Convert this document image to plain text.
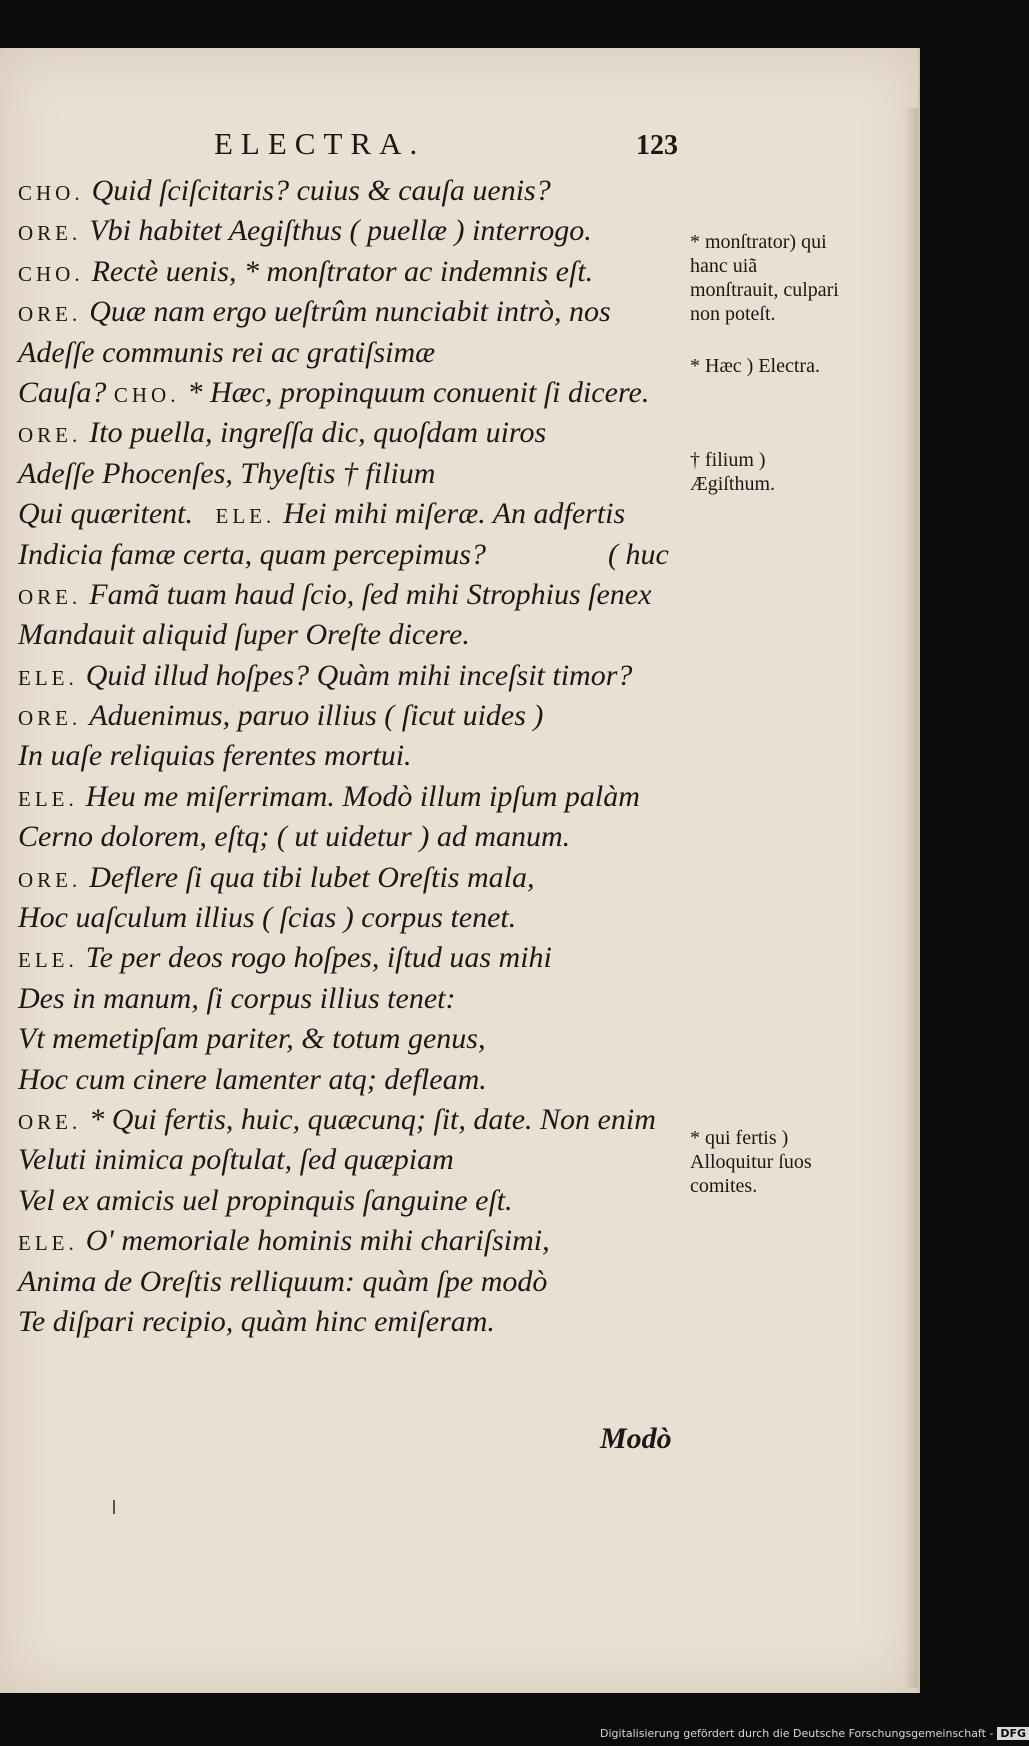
ELECTRA.	123
CHO. Quid ſciſcitaris? cuius & cauſa uenis?
ORE. Vbi habitet Aegiſthus ( puellæ ) interrogo.
CHO. Rectè uenis, * monſtrator ac indemnis eſt.
ORE. Quæ nam ergo ueſtrûm nunciabit intrò, nos
Adeſſe communis rei ac gratiſsimæ
Cauſa? CHO. * Hæc, propinquum conuenit ſi dicere.
ORE. Ito puella, ingreſſa dic, quoſdam uiros
Adeſſe Phocenſes, Thyeſtis † filium
Qui quæritent. ELE. Hei mihi miſeræ. An adfertis
Indicia famæ certa, quam percepimus?	( huc
ORE. Famã tuam haud ſcio, ſed mihi Strophius ſenex
Mandauit aliquid ſuper Oreſte dicere.
ELE. Quid illud hoſpes? Quàm mihi inceſsit timor?
ORE. Aduenimus, paruo illius ( ſicut uides )
In uaſe reliquias ferentes mortui.
ELE. Heu me miſerrimam. Modò illum ipſum palàm
Cerno dolorem, eſtq; ( ut uidetur ) ad manum.
ORE. Deflere ſi qua tibi lubet Oreſtis mala,
Hoc uaſculum illius ( ſcias ) corpus tenet.
ELE. Te per deos rogo hoſpes, iſtud uas mihi
Des in manum, ſi corpus illius tenet:
Vt memetipſam pariter, & totum genus,
Hoc cum cinere lamenter atq; defleam.
ORE. * Qui fertis, huic, quæcunq; ſit, date. Non enim
Veluti inimica poſtulat, ſed quæpiam
Vel ex amicis uel propinquis ſanguine eſt.
ELE. O' memoriale hominis mihi chariſsimi,
Anima de Oreſtis relliquum: quàm ſpe modò
Te diſpari recipio, quàm hinc emiſeram.
Modò
* monſtrator) qui hanc uiã monſtrauit, culpari non poteſt.
* Hæc ) Electra.
† filium ) Ægiſthum.
* qui fertis ) Alloquitur ſuos comites.
Digitalisierung gefördert durch die Deutsche Forschungsgemeinschaft - DFG
